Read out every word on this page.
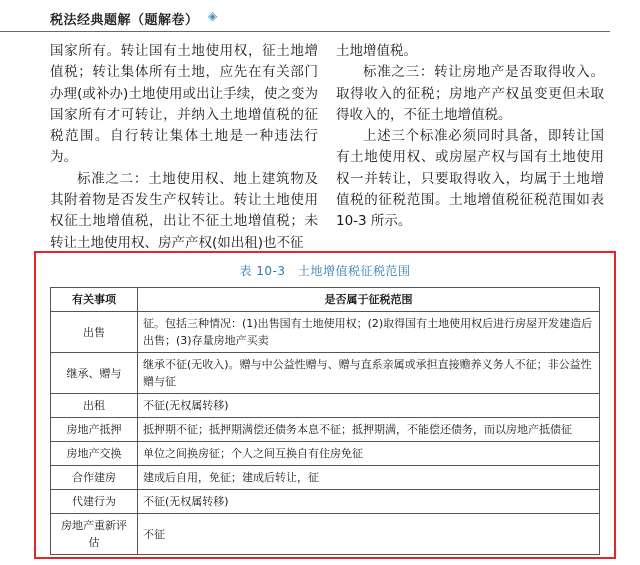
税法经典题解（题解卷） ◈

国家所有。转让国有土地使用权，征土地增值税；转让集体所有土地，应先在有关部门办理(或补办)土地使用或出让手续，使之变为国家所有才可转让，并纳入土地增值税的征税范围。自行转让集体土地是一种违法行为。

标准之二：土地使用权、地上建筑物及其附着物是否发生产权转让。转让土地使用权征土地增值税，出让不征土地增值税；未转让土地使用权、房产产权(如出租)也不征

土地增值税。

标准之三：转让房地产是否取得收入。取得收入的征税；房地产产权虽变更但未取得收入的，不征土地增值税。

上述三个标准必须同时具备，即转让国有土地使用权、或房屋产权与国有土地使用权一并转让，只要取得收入，均属于土地增值税的征税范围。土地增值税征税范围如表10-3 所示。

表 10-3　土地增值税征税范围
有关事项	是否属于征税范围
出售	征。包括三种情况：(1)出售国有土地使用权；(2)取得国有土地使用权后进行房屋开发建造后出售；(3)存量房地产买卖
继承、赠与	继承不征(无收入)。赠与中公益性赠与、赠与直系亲属或承担直接赡养义务人不征；非公益性赠与征
出租	不征(无权属转移)
房地产抵押	抵押期不征；抵押期满偿还债务本息不征；抵押期满，不能偿还债务，而以房地产抵债征
房地产交换	单位之间换房征；个人之间互换自有住房免征
合作建房	建成后自用，免征；建成后转让，征
代建行为	不征(无权属转移)
房地产重新评估	不征
